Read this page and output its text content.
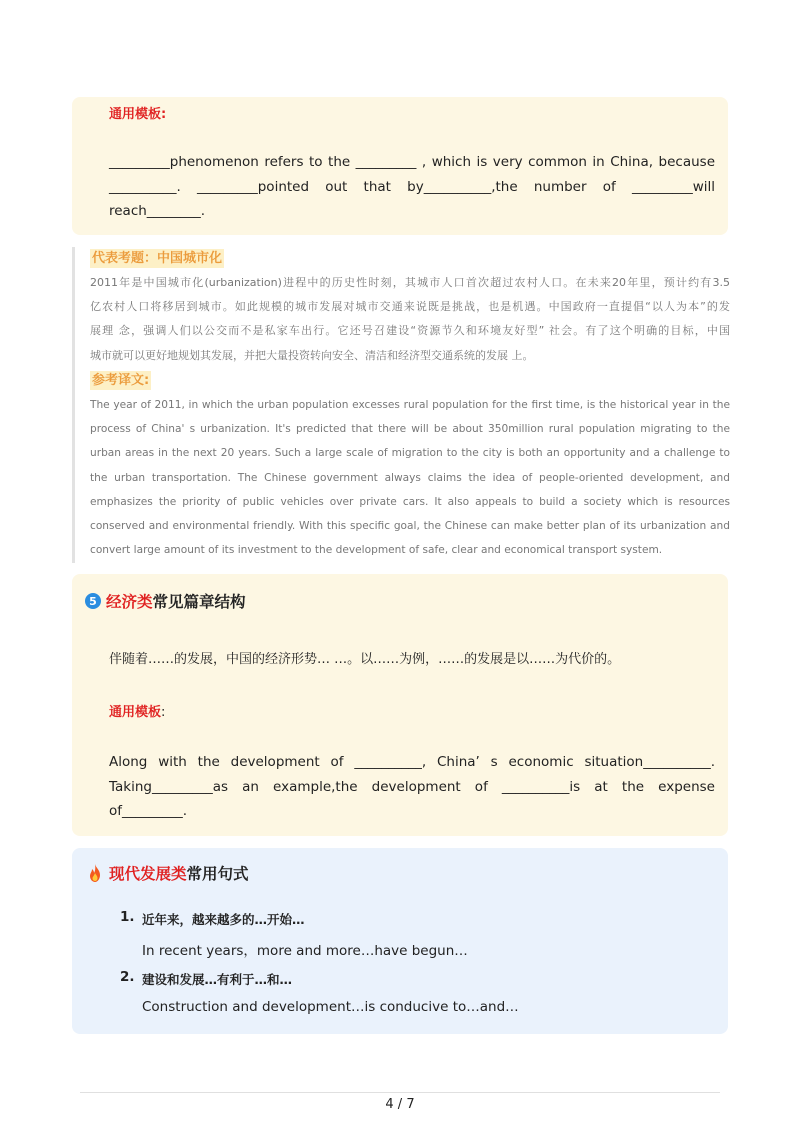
通用模板:
_________phenomenon refers to the _________ , which is very common in China, because
__________. _________pointed out that by__________,the number of _________will
reach________.
代表考题：中国城市化
2011年是中国城市化(urbanization)进程中的历史性时刻，其城市人口首次超过农村人口。在未来20年里，预计约有3.5
亿农村人口将移居到城市。如此规模的城市发展对城市交通来说既是挑战，也是机遇。中国政府一直提倡“以人为本”的发
展理 念，强调人们以公交而不是私家车出行。它还号召建设“资源节久和环境友好型” 社会。有了这个明确的目标，中国
城市就可以更好地规划其发展，并把大量投资转向安全、清洁和经济型交通系统的发展 上。
参考译文:
The year of 2011, in which the urban population excesses rural population for the first time, is the historical year in the
process of China' s urbanization. It's predicted that there will be about 350million rural population migrating to the
urban areas in the next 20 years. Such a large scale of migration to the city is both an opportunity and a challenge to
the urban transportation. The Chinese government always claims the idea of people-oriented development, and
emphasizes the priority of public vehicles over private cars. It also appeals to build a society which is resources
conserved and environmental friendly. With this specific goal, the Chinese can make better plan of its urbanization and
convert large amount of its investment to the development of safe, clear and economical transport system.
5 经济类 常见篇章结构
伴随着……的发展，中国的经济形势… …。以……为例，……的发展是以……为代价的。
通用模板:
Along with the development of __________, China’ s economic situation__________.
Taking_________as an example,the development of __________is at the expense
of_________.
现代发展类 常用句式
1. 近年来，越来越多的…开始…
In recent years，more and more…have begun…
2. 建设和发展…有利于…和…
Construction and development…is conducive to…and…
4 / 7
